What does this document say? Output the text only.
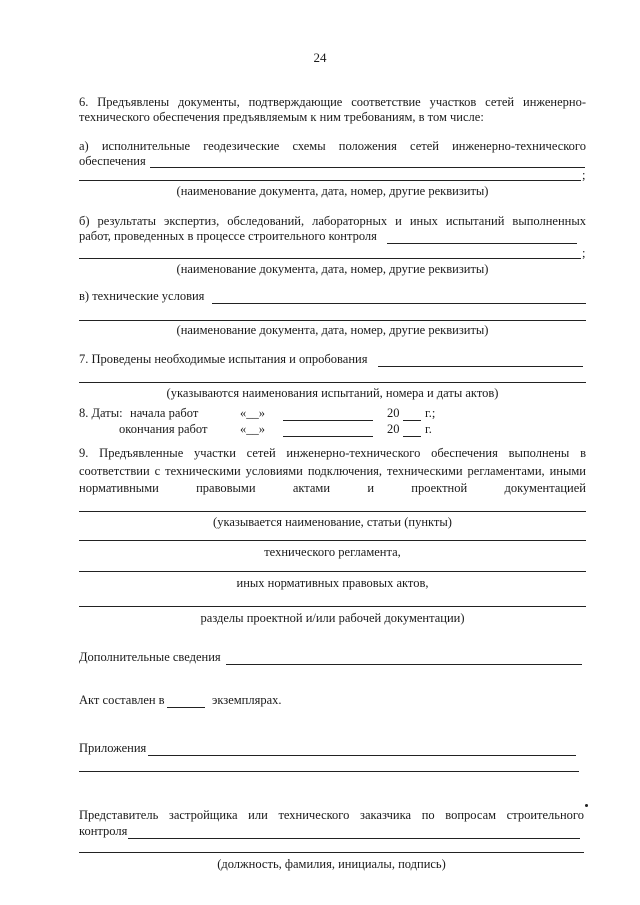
24
6. Предъявлены документы, подтверждающие соответствие участков сетей инженерно-
технического обеспечения предъявляемым к ним требованиям, в том числе:
а) исполнительные геодезические схемы положения сетей инженерно-технического
обеспечения
;
(наименование документа, дата, номер, другие реквизиты)
б) результаты экспертиз, обследований, лабораторных и иных испытаний выполненных
работ, проведенных в процессе строительного контроля
;
(наименование документа, дата, номер, другие реквизиты)
в) технические условия
(наименование документа, дата, номер, другие реквизиты)
7. Проведены необходимые испытания и опробования
(указываются наименования испытаний, номера и даты актов)
8. Даты: начала работ	«__»	20 г.;
окончания работ	«__»	20 г.
9. Предъявленные участки сетей инженерно-технического обеспечения выполнены в
соответствии с техническими условиями подключения, техническими регламентами, иными
нормативными правовыми актами и проектной документацией
(указывается наименование, статьи (пункты)
технического регламента,
иных нормативных правовых актов,
разделы проектной и/или рабочей документации)
Дополнительные сведения
Акт составлен в	экземплярах.
Приложения
Представитель застройщика или технического заказчика по вопросам строительного
контроля
(должность, фамилия, инициалы, подпись)
